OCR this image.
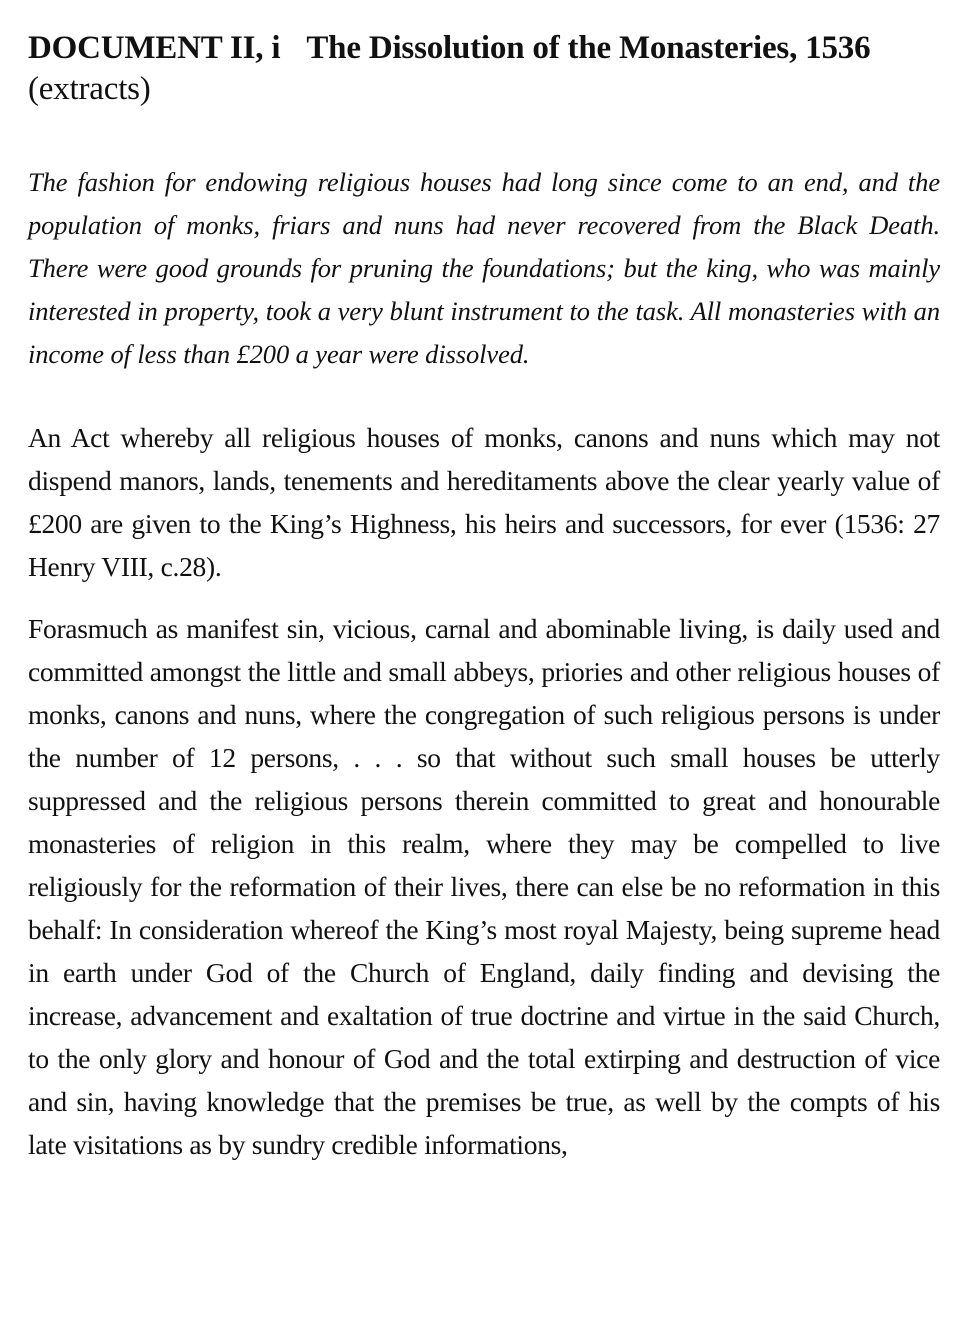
DOCUMENT II, i The Dissolution of the Monasteries, 1536 (extracts)

The fashion for endowing religious houses had long since come to an end, and the population of monks, friars and nuns had never recovered from the Black Death. There were good grounds for pruning the foundations; but the king, who was mainly interested in property, took a very blunt instrument to the task. All monasteries with an income of less than £200 a year were dissolved.

An Act whereby all religious houses of monks, canons and nuns which may not dispend manors, lands, tenements and hereditaments above the clear yearly value of £200 are given to the King’s Highness, his heirs and successors, for ever (1536: 27 Henry VIII, c.28).

Forasmuch as manifest sin, vicious, carnal and abominable living, is daily used and committed amongst the little and small abbeys, priories and other religious houses of monks, canons and nuns, where the congregation of such religious persons is under the number of 12 persons, . . . so that without such small houses be utterly suppressed and the religious persons therein committed to great and honourable monasteries of religion in this realm, where they may be compelled to live religiously for the reformation of their lives, there can else be no reformation in this behalf: In consideration whereof the King’s most royal Majesty, being supreme head in earth under God of the Church of England, daily finding and devising the increase, advancement and exaltation of true doctrine and virtue in the said Church, to the only glory and honour of God and the total extirping and destruction of vice and sin, having knowledge that the premises be true, as well by the compts of his late visitations as by sundry credible informations,
